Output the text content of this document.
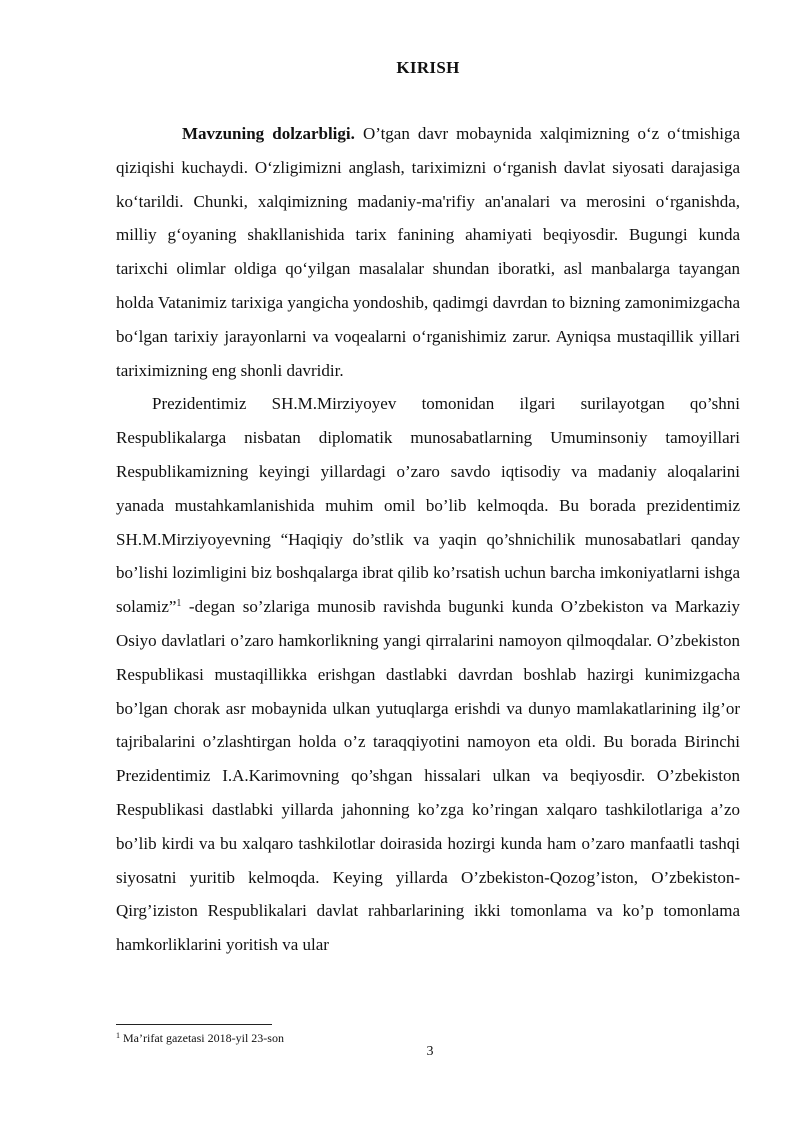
KIRISH

Mavzuning dolzarbligi. O’tgan davr mobaynida xalqimizning o‘z o‘tmishiga qiziqishi kuchaydi. O‘zligimizni anglash, tariximizni o‘rganish davlat siyosati darajasiga ko‘tarildi. Chunki, xalqimizning madaniy-ma'rifiy an'analari va merosini o‘rganishda, milliy g‘oyaning shakllanishida tarix fanining ahamiyati beqiyosdir. Bugungi kunda tarixchi olimlar oldiga qo‘yilgan masalalar shundan iboratki, asl manbalarga tayangan holda Vatanimiz tarixiga yangicha yondoshib, qadimgi davrdan to bizning zamonimizgacha bo‘lgan tarixiy jarayonlarni va voqealarni o‘rganishimiz zarur. Ayniqsa mustaqillik yillari tariximizning eng shonli davridir.

Prezidentimiz SH.M.Mirziyoyev tomonidan ilgari surilayotgan qo’shni Respublikalarga nisbatan diplomatik munosabatlarning Umuminsoniy tamoyillari Respublikamizning keyingi yillardagi o’zaro savdo iqtisodiy va madaniy aloqalarini yanada mustahkamlanishida muhim omil bo’lib kelmoqda. Bu borada prezidentimiz SH.M.Mirziyoyevning “Haqiqiy do’stlik va yaqin qo’shnichilik munosabatlari qanday bo’lishi lozimligini biz boshqalarga ibrat qilib ko’rsatish uchun barcha imkoniyatlarni ishga solamiz”$^1$ -degan so’zlariga munosib ravishda bugunki kunda O’zbekiston va Markaziy Osiyo davlatlari o’zaro hamkorlikning yangi qirralarini namoyon qilmoqdalar. O’zbekiston Respublikasi mustaqillikka erishgan dastlabki davrdan boshlab hazirgi kunimizgacha bo’lgan chorak asr mobaynida ulkan yutuqlarga erishdi va dunyo mamlakatlarining ilg’or tajribalarini o’zlashtirgan holda o’z taraqqiyotini namoyon eta oldi. Bu borada Birinchi Prezidentimiz I.A.Karimovning qo’shgan hissalari ulkan va beqiyosdir. O’zbekiston Respublikasi dastlabki yillarda jahonning ko’zga ko’ringan xalqaro tashkilotlariga a’zo bo’lib kirdi va bu xalqaro tashkilotlar doirasida hozirgi kunda ham o’zaro manfaatli tashqi siyosatni yuritib kelmoqda. Keying yillarda O’zbekiston-Qozog’iston, O’zbekiston-Qirg’iziston Respublikalari davlat rahbarlarining ikki tomonlama va ko’p tomonlama hamkorliklarini yoritish va ular

$^1$ Ma’rifat gazetasi 2018-yil 23-son
3
